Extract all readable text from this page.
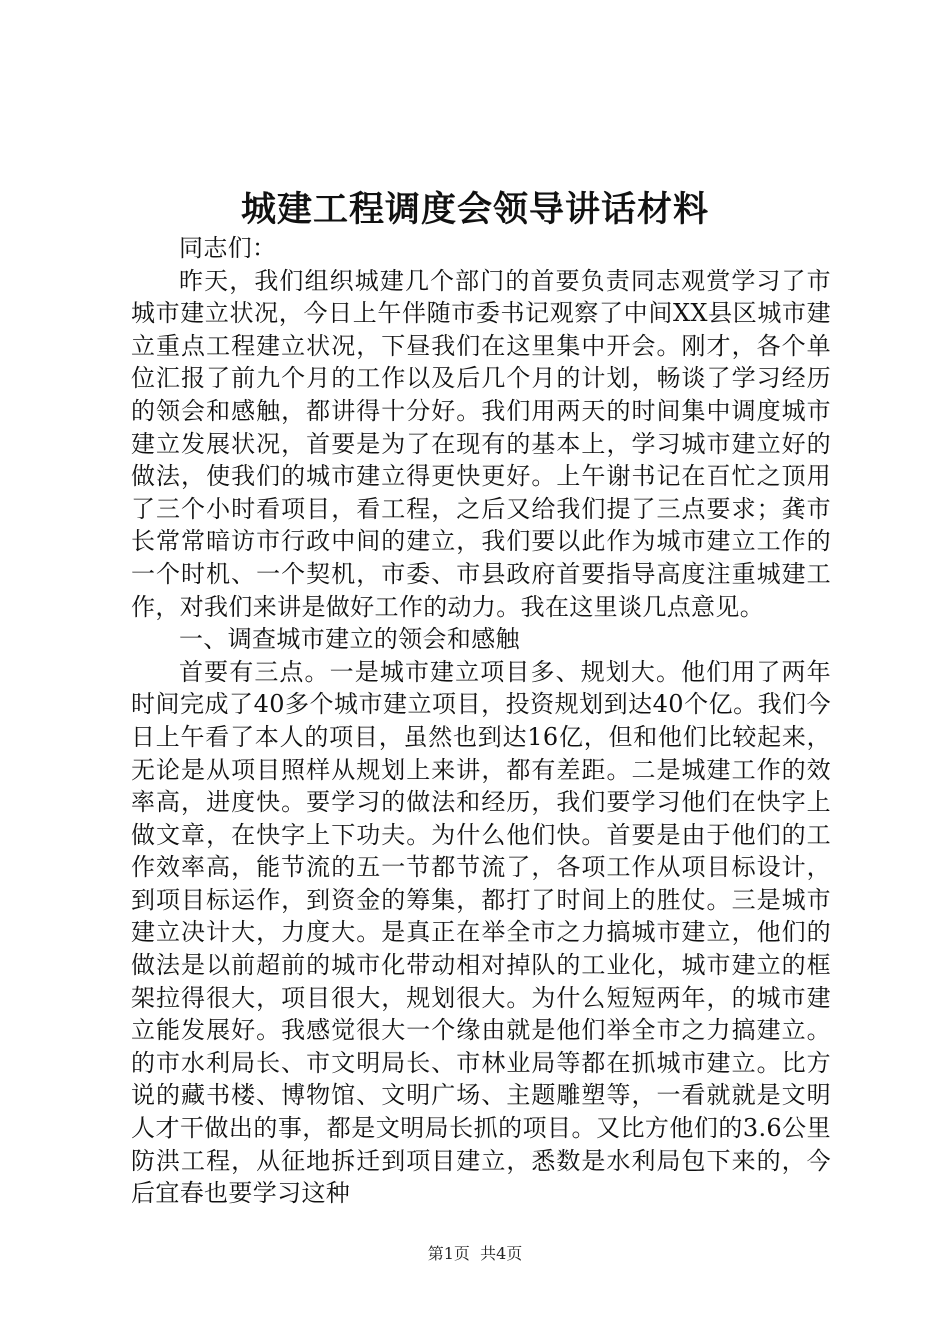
城建工程调度会领导讲话材料

同志们：

昨天，我们组织城建几个部门的首要负责同志观赏学习了市城市建立状况，今日上午伴随市委书记观察了中间XX县区城市建立重点工程建立状况，下昼我们在这里集中开会。刚才，各个单位汇报了前九个月的工作以及后几个月的计划，畅谈了学习经历的领会和感触，都讲得十分好。我们用两天的时间集中调度城市建立发展状况，首要是为了在现有的基本上，学习城市建立好的做法，使我们的城市建立得更快更好。上午谢书记在百忙之顶用了三个小时看项目，看工程，之后又给我们提了三点要求；龚市长常常暗访市行政中间的建立，我们要以此作为城市建立工作的一个时机、一个契机，市委、市县政府首要指导高度注重城建工作，对我们来讲是做好工作的动力。我在这里谈几点意见。

一、调查城市建立的领会和感触

首要有三点。一是城市建立项目多、规划大。他们用了两年时间完成了40多个城市建立项目，投资规划到达40个亿。我们今日上午看了本人的项目，虽然也到达16亿，但和他们比较起来，无论是从项目照样从规划上来讲，都有差距。二是城建工作的效率高，进度快。要学习的做法和经历，我们要学习他们在快字上做文章，在快字上下功夫。为什么他们快。首要是由于他们的工作效率高，能节流的五一节都节流了，各项工作从项目标设计，到项目标运作，到资金的筹集，都打了时间上的胜仗。三是城市建立决计大，力度大。是真正在举全市之力搞城市建立，他们的做法是以前超前的城市化带动相对掉队的工业化，城市建立的框架拉得很大，项目很大，规划很大。为什么短短两年，的城市建立能发展好。我感觉很大一个缘由就是他们举全市之力搞建立。的市水利局长、市文明局长、市林业局等都在抓城市建立。比方说的藏书楼、博物馆、文明广场、主题雕塑等，一看就就是文明人才干做出的事，都是文明局长抓的项目。又比方他们的3.6公里防洪工程，从征地拆迁到项目建立，悉数是水利局包下来的，今后宜春也要学习这种

第1页 共4页
